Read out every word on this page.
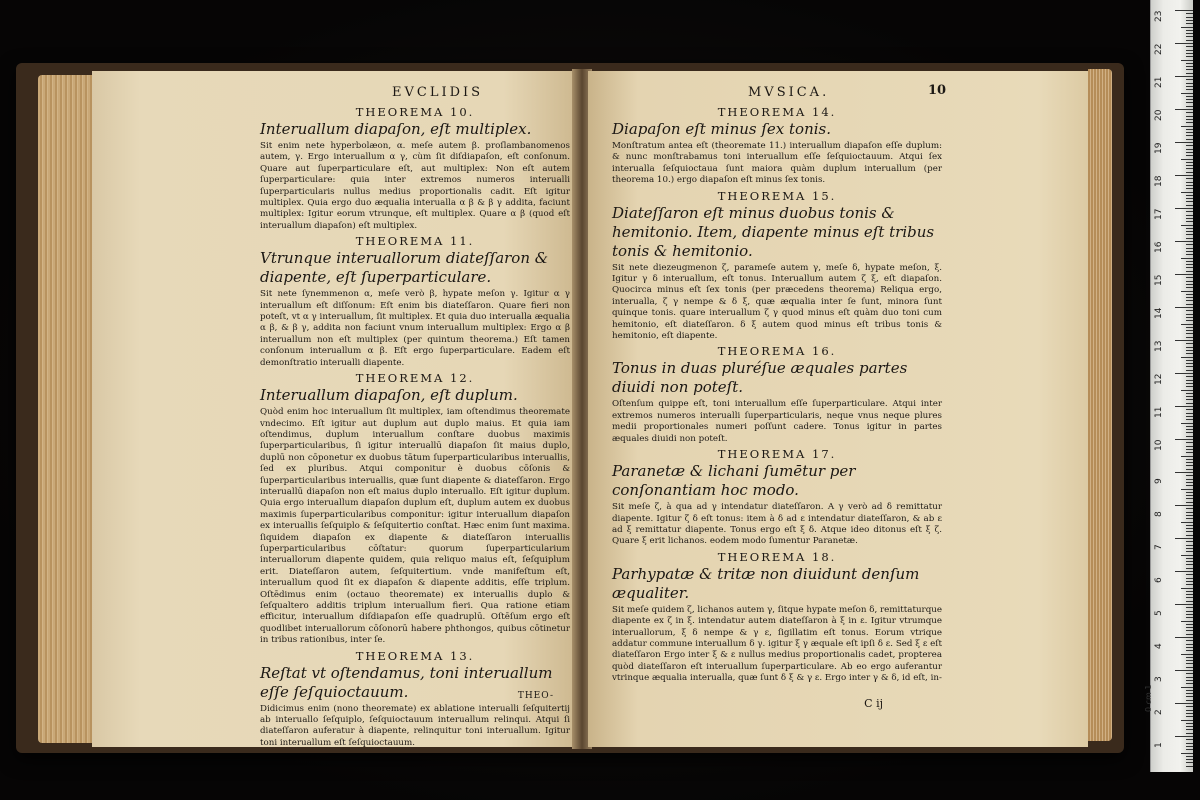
EVCLIDIS
THEOREMA 10.
Interuallum diapaſon, eſt multiplex.
Sit enim nete hyperbolæon, α. meſe autem β. proſlambanomenos autem, γ. Ergo interuallum α γ, cùm ſit diſdiapaſon, eſt conſonum. Quare aut ſuperparticulare eſt, aut multiplex: Non eſt autem ſuperparticulare: quia inter extremos numeros interualli ſuperparticularis nullus medius proportionalis cadit. Eſt igitur multiplex. Quia ergo duo æqualia interualla α β & β γ addita, faciunt multiplex: Igitur eorum vtrunque, eſt multiplex. Quare α β (quod eſt interuallum diapaſon) eſt multiplex.
THEOREMA 11.
Vtrunque interuallorum diateſſaron & diapente, eſt ſuperparticulare.
Sit nete ſynemmenon α, meſe verò β, hypate meſon γ. Igitur α γ interuallum eſt diſſonum: Eſt enim bis diateſſaron. Quare fieri non poteſt, vt α γ interuallum, ſit multiplex. Et quia duo interualla æqualia α β, & β γ, addita non faciunt vnum interuallum multiplex: Ergo α β interuallum non eſt multiplex (per quintum theorema.) Eſt tamen conſonum interuallum α β. Eſt ergo ſuperparticulare. Eadem eſt demonſtratio interualli diapente.
THEOREMA 12.
Interuallum diapaſon, eſt duplum.
Quòd enim hoc interuallum ſit multiplex, iam oſtendimus theoremate vndecimo. Eſt igitur aut duplum aut duplo maius. Et quia iam oſtendimus, duplum interuallum conſtare duobus maximis ſuperparticularibus, ſi igitur interuallū diapaſon ſit maius duplo, duplū non cōponetur ex duobus tātum ſuperparticularibus interuallis, ſed ex pluribus. Atqui componitur è duobus cōſonis & ſuperparticularibus interuallis, quæ ſunt diapente & diateſſaron. Ergo interuallū diapaſon non eſt maius duplo interuallo. Eſt igitur duplum. Quia ergo interuallum diapaſon duplum eſt, duplum autem ex duobus maximis ſuperparticularibus componitur: igitur interuallum diapaſon ex interuallis ſeſquiplo & ſeſquitertio conſtat. Hæc enim ſunt maxima. ſiquidem diapaſon ex diapente & diateſſaron interuallis ſuperparticularibus cōſtatur: quorum ſuperparticularium interuallorum diapente quidem, quia reliquo maius eſt, ſeſquiplum erit. Diateſſaron autem, ſeſquitertium. vnde manifeſtum eſt, interuallum quod ſit ex diapaſon & diapente additis, eſſe triplum. Oſtēdimus enim (octauo theoremate) ex interuallis duplo & ſeſqualtero additis triplum interuallum fieri. Qua ratione etiam efficitur, interuallum diſdiapaſon eſſe quadruplū. Oſtēſum ergo eſt quodlibet interuallorum cōſonorū habere phthongos, quibus cōtinetur in tribus rationibus, inter ſe.
THEOREMA 13.
Reſtat vt oſtendamus, toni interuallum eſſe ſeſquioctauum.
Didicimus enim (nono theoremate) ex ablatione interualli ſeſquitertij ab interuallo ſeſquiplo, ſeſquioctauum interuallum relinqui. Atqui ſi diateſſaron auferatur à diapente, relinquitur toni interuallum. Igitur toni interuallum eſt ſeſquioctauum.
THEO-
MVSICA.	10
THEOREMA 14.
Diapaſon eſt minus ſex tonis.
Monſtratum antea eſt (theoremate 11.) interuallum diapaſon eſſe duplum: & nunc monſtrabamus toni interuallum eſſe ſeſquioctauum. Atqui ſex interualla ſeſquioctaua ſunt maiora quàm duplum interuallum (per theorema 10.) ergo diapaſon eſt minus ſex tonis.
THEOREMA 15.
Diateſſaron eſt minus duobus tonis & hemitonio. Item, diapente minus eſt tribus tonis & hemitonio.
Sit nete diezeugmenon ζ, parameſe autem γ, meſe δ, hypate meſon, ξ. Igitur γ δ interuallum, eſt tonus. Interuallum autem ζ ξ, eſt diapaſon. Quocirca minus eſt ſex tonis (per præcedens theorema) Reliqua ergo, interualla, ζ γ nempe & δ ξ, quæ æqualia inter ſe ſunt, minora ſunt quinque tonis. quare interuallum ζ γ quod minus eſt quàm duo toni cum hemitonio, eſt diateſſaron. δ ξ autem quod minus eſt tribus tonis & hemitonio, eſt diapente.
THEOREMA 16.
Tonus in duas pluréſue æquales partes diuidi non poteſt.
Oſtenſum quippe eſt, toni interuallum eſſe ſuperparticulare. Atqui inter extremos numeros interualli ſuperparticularis, neque vnus neque plures medii proportionales numeri poſſunt cadere. Tonus igitur in partes æquales diuidi non poteſt.
THEOREMA 17.
Paranetæ & lichani ſumētur per conſonantiam hoc modo.
Sit meſe ζ, à qua ad γ intendatur diateſſaron. A γ verò ad δ remittatur diapente. Igitur ζ δ eſt tonus: item à δ ad ε intendatur diateſſaron, & ab ε ad ξ remittatur diapente. Tonus ergo eſt ξ δ. Atque ideo ditonus eſt ξ ζ. Quare ξ erit lichanos. eodem modo ſumentur Paranetæ.
THEOREMA 18.
Parhypatæ & tritæ non diuidunt denſum æqualiter.
Sit meſe quidem ζ, lichanos autem γ, ſitque hypate meſon δ, remittaturque diapente ex ζ in ξ. intendatur autem diateſſaron à ξ in ε. Igitur vtrumque interuallorum, ξ δ nempe & γ ε, ſigillatim eſt tonus. Eorum vtrique addatur commune interuallum δ γ. igitur ξ γ æquale eſt ipſi δ ε. Sed ξ ε eſt diateſſaron Ergo inter ξ & ε nullus medius proportionalis cadet, propterea quòd diateſſaron eſt interuallum ſuperparticulare. Ab eo ergo auferantur vtrinque æqualia interualla, quæ ſunt δ ξ & γ ε. Ergo inter γ & δ, id eſt, in-
C ij	0 cm 1
23
22
21
20
19
18
17
16
15
14
13
12
11
10
9
8
7
6
5
4
3
2
1
